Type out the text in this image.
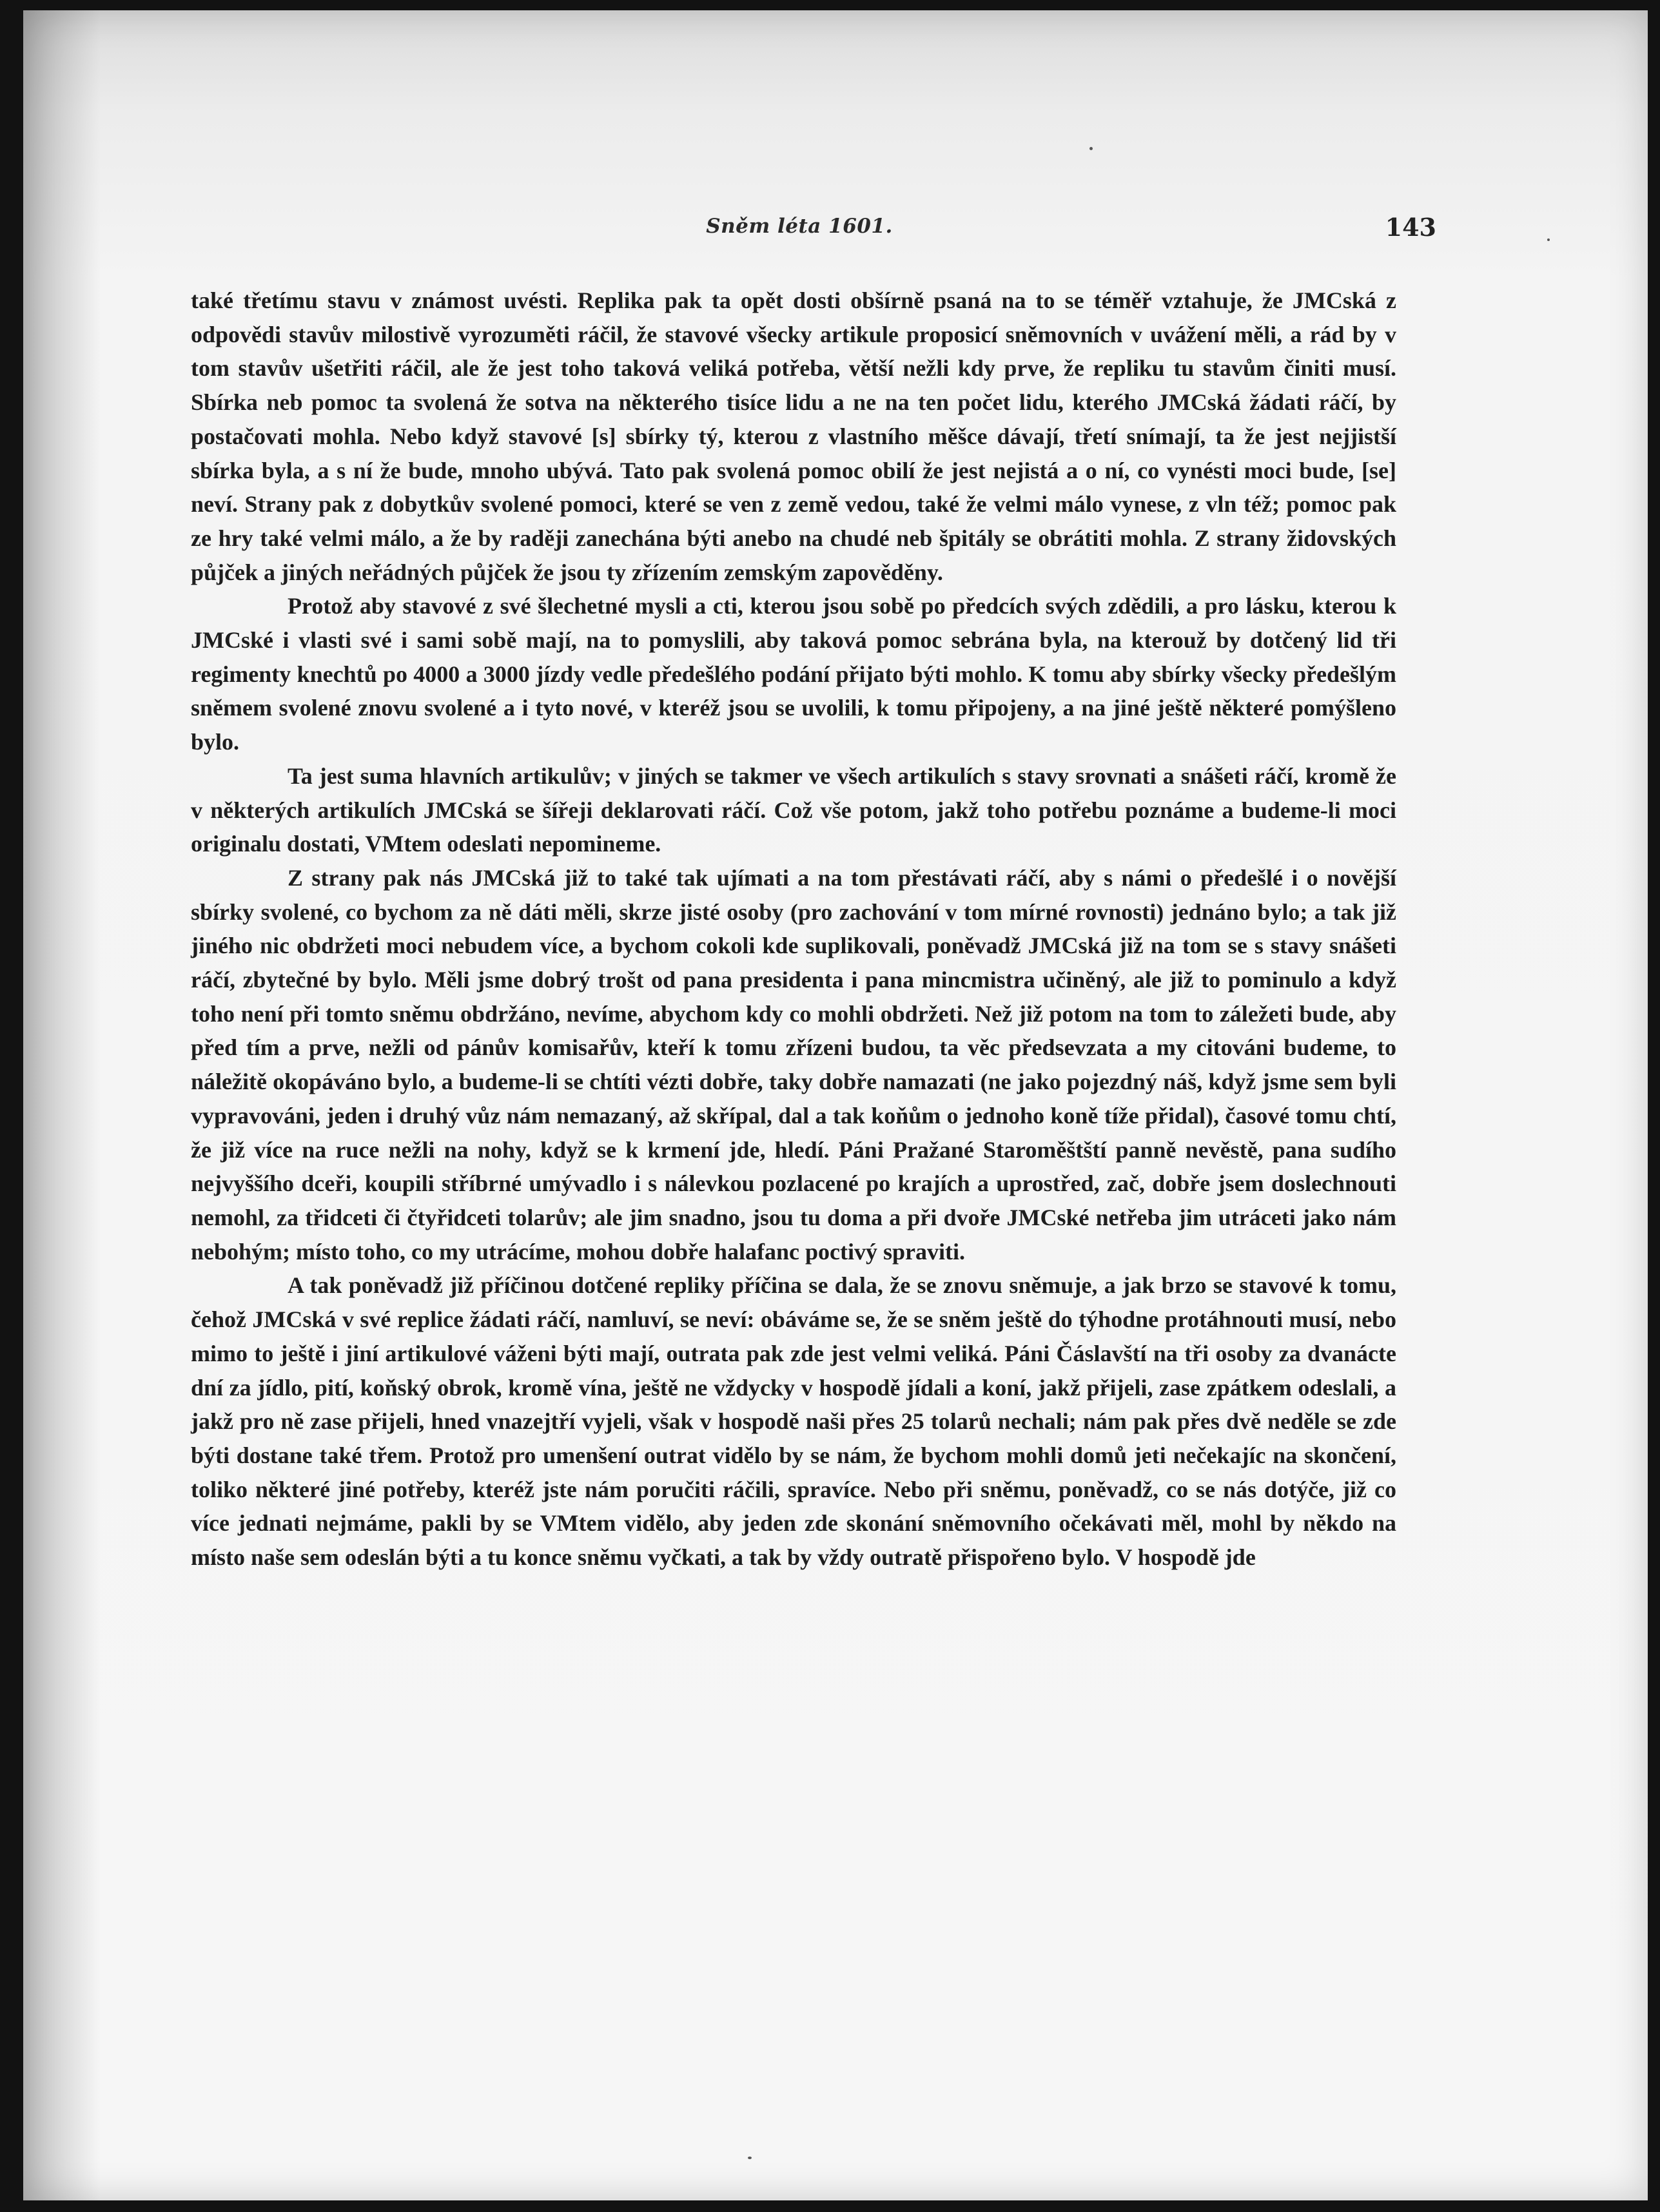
Sněm léta 1601.	143

také třetímu stavu v známost uvésti. Replika pak ta opět dosti obšírně psaná na to se téměř vztahuje, že JMCská z odpovědi stavův milostivě vyrozuměti ráčil, že stavové všecky artikule proposicí sněmovních v uvážení měli, a rád by v tom stavův ušetřiti ráčil, ale že jest toho taková veliká potřeba, větší nežli kdy prve, že repliku tu stavům činiti musí. Sbírka neb pomoc ta svolená že sotva na některého tisíce lidu a ne na ten počet lidu, kterého JMCská žádati ráčí, by postačovati mohla. Nebo když stavové [s] sbírky tý, kterou z vlastního měšce dávají, třetí snímají, ta že jest nejjistší sbírka byla, a s ní že bude, mnoho ubývá. Tato pak svolená pomoc obilí že jest nejistá a o ní, co vynésti moci bude, [se] neví. Strany pak z dobytkův svolené pomoci, které se ven z země vedou, také že velmi málo vynese, z vln též; pomoc pak ze hry také velmi málo, a že by raději zanechána býti anebo na chudé neb špitály se obrátiti mohla. Z strany židovských půjček a jiných neřádných půjček že jsou ty zřízením zemským zapověděny.

Protož aby stavové z své šlechetné mysli a cti, kterou jsou sobě po předcích svých zdědili, a pro lásku, kterou k JMCské i vlasti své i sami sobě mají, na to pomyslili, aby taková pomoc sebrána byla, na kterouž by dotčený lid tři regimenty knechtů po 4000 a 3000 jízdy vedle předešlého podání přijato býti mohlo. K tomu aby sbírky všecky předešlým sněmem svolené znovu svolené a i tyto nové, v kteréž jsou se uvolili, k tomu připojeny, a na jiné ještě některé pomýšleno bylo.

Ta jest suma hlavních artikulův; v jiných se takmer ve všech artikulích s stavy srovnati a snášeti ráčí, kromě že v některých artikulích JMCská se šířeji deklarovati ráčí. Což vše potom, jakž toho potřebu poznáme a budeme-li moci originalu dostati, VMtem odeslati nepomineme.

Z strany pak nás JMCská již to také tak ujímati a na tom přestávati ráčí, aby s námi o předešlé i o novější sbírky svolené, co bychom za ně dáti měli, skrze jisté osoby (pro zachování v tom mírné rovnosti) jednáno bylo; a tak již jiného nic obdržeti moci nebudem více, a bychom cokoli kde suplikovali, poněvadž JMCská již na tom se s stavy snášeti ráčí, zbytečné by bylo. Měli jsme dobrý trošt od pana presidenta i pana mincmistra učiněný, ale již to pominulo a když toho není při tomto sněmu obdržáno, nevíme, abychom kdy co mohli obdržeti. Než již potom na tom to záležeti bude, aby před tím a prve, nežli od pánův komisařův, kteří k tomu zřízeni budou, ta věc předsevzata a my citováni budeme, to náležitě okopáváno bylo, a budeme-li se chtíti vézti dobře, taky dobře namazati (ne jako pojezdný náš, když jsme sem byli vypravováni, jeden i druhý vůz nám nemazaný, až skřípal, dal a tak koňům o jednoho koně tíže přidal), časové tomu chtí, že již více na ruce nežli na nohy, když se k krmení jde, hledí. Páni Pražané Staroměštští panně nevěstě, pana sudího nejvyššího dceři, koupili stříbrné umývadlo i s nálevkou pozlacené po krajích a uprostřed, zač, dobře jsem doslechnouti nemohl, za třidceti či čtyřidceti tolarův; ale jim snadno, jsou tu doma a při dvoře JMCské netřeba jim utráceti jako nám nebohým; místo toho, co my utrácíme, mohou dobře halafanc poctivý spraviti.

A tak poněvadž již příčinou dotčené repliky příčina se dala, že se znovu sněmuje, a jak brzo se stavové k tomu, čehož JMCská v své replice žádati ráčí, namluví, se neví: obáváme se, že se sněm ještě do týhodne protáhnouti musí, nebo mimo to ještě i jiní artikulové váženi býti mají, outrata pak zde jest velmi veliká. Páni Čáslavští na tři osoby za dvanácte dní za jídlo, pití, koňský obrok, kromě vína, ještě ne vždycky v hospodě jídali a koní, jakž přijeli, zase zpátkem odeslali, a jakž pro ně zase přijeli, hned vnazejtří vyjeli, však v hospodě naši přes 25 tolarů nechali; nám pak přes dvě neděle se zde býti dostane také třem. Protož pro umenšení outrat vidělo by se nám, že bychom mohli domů jeti nečekajíc na skončení, toliko některé jiné potřeby, kteréž jste nám poručiti ráčili, spravíce. Nebo při sněmu, poněvadž, co se nás dotýče, již co více jednati nejmáme, pakli by se VMtem vidělo, aby jeden zde skonání sněmovního očekávati měl, mohl by někdo na místo naše sem odeslán býti a tu konce sněmu vyčkati, a tak by vždy outratě přispořeno bylo. V hospodě jde
